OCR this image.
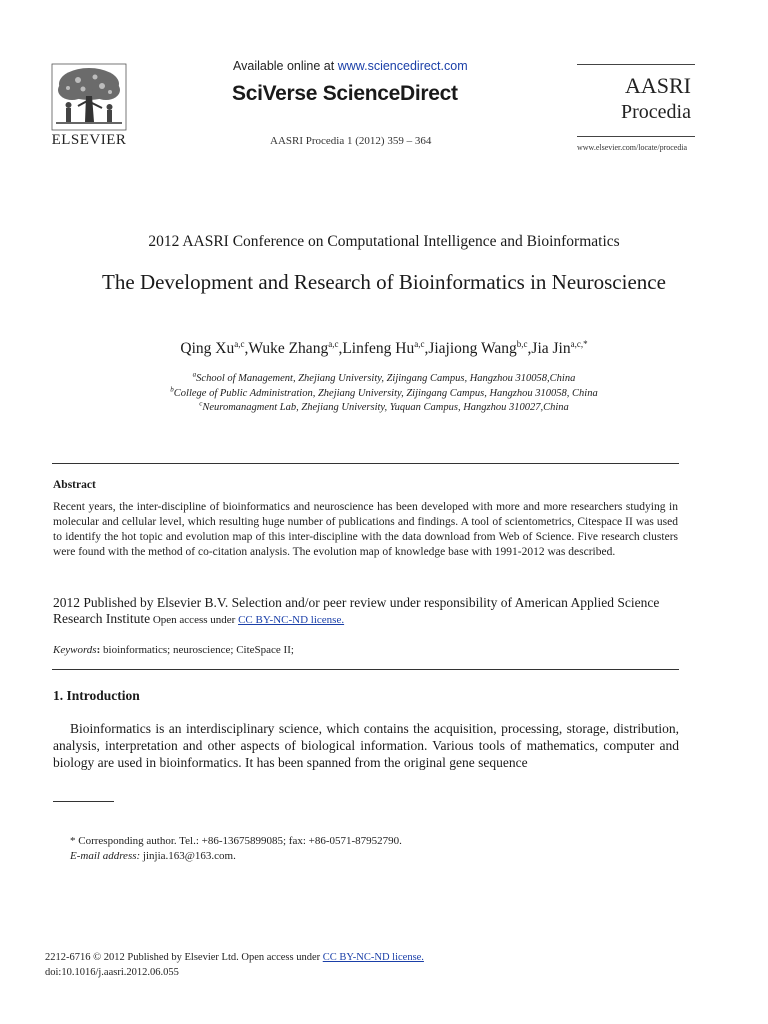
ELSEVIER
Available online at www.sciencedirect.com
SciVerse ScienceDirect
AASRI Procedia 1 (2012) 359 – 364
AASRI
Procedia
www.elsevier.com/locate/procedia
2012 AASRI Conference on Computational Intelligence and Bioinformatics
The Development and Research of Bioinformatics in Neuroscience
Qing Xu$^{a,c}$,Wuke Zhang$^{a,c}$,Linfeng Hu$^{a,c}$,Jiajiong Wang$^{b,c}$,Jia Jin$^{a,c,*}$
$^a$School of Management, Zhejiang University, Zijingang Campus, Hangzhou 310058,China
$^b$College of Public Administration, Zhejiang University, Zijingang Campus, Hangzhou 310058, China
$^c$Neuromanagment Lab, Zhejiang University, Yuquan Campus, Hangzhou 310027,China
Abstract
Recent years, the inter-discipline of bioinformatics and neuroscience has been developed with more and more researchers studying in molecular and cellular level, which resulting huge number of publications and findings. A tool of scientometrics, Citespace II was used to identify the hot topic and evolution map of this inter-discipline with the data download from Web of Science. Five research clusters were found with the method of co-citation analysis. The evolution map of knowledge base with 1991-2012 was described.
2012 Published by Elsevier B.V. Selection and/or peer review under responsibility of American Applied Science Research Institute Open access under CC BY-NC-ND license.
Keywords: bioinformatics; neuroscience; CiteSpace II;
1. Introduction
Bioinformatics is an interdisciplinary science, which contains the acquisition, processing, storage, distribution, analysis, interpretation and other aspects of biological information. Various tools of mathematics, computer and biology are used in bioinformatics. It has been spanned from the original gene sequence
* Corresponding author. Tel.: +86-13675899085; fax: +86-0571-87952790.
E-mail address: jinjia.163@163.com.
2212-6716 © 2012 Published by Elsevier Ltd. Open access under CC BY-NC-ND license.
doi:10.1016/j.aasri.2012.06.055
